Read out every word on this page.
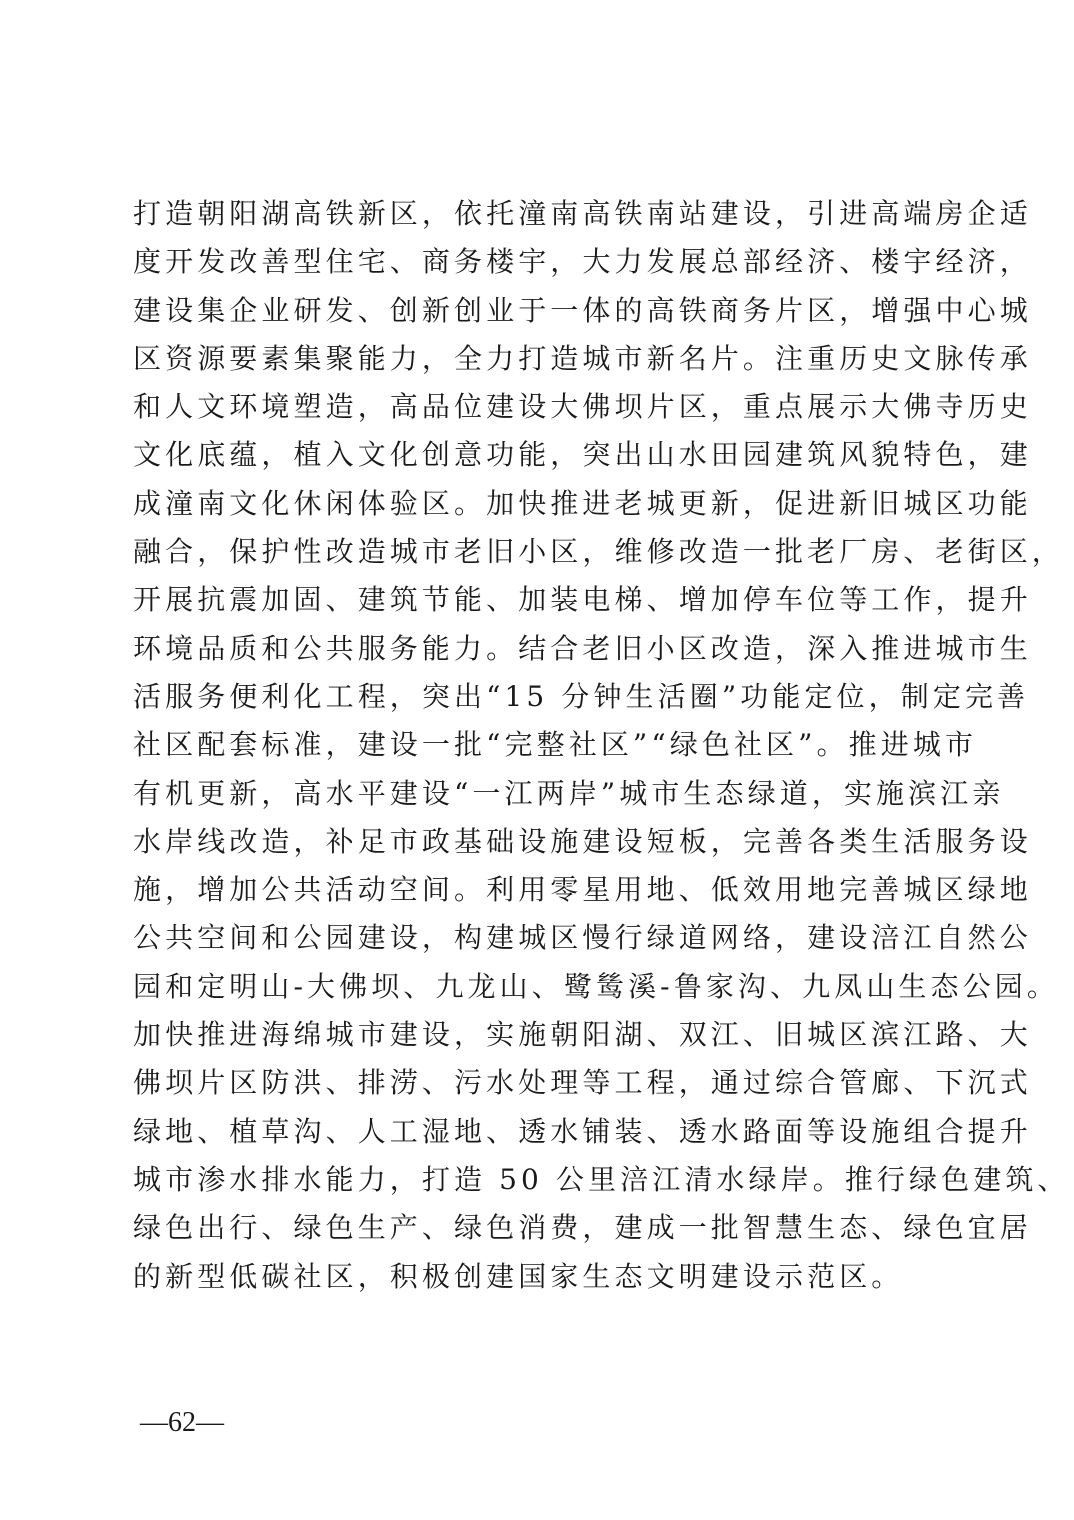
打造朝阳湖高铁新区，依托潼南高铁南站建设，引进高端房企适
度开发改善型住宅、商务楼宇，大力发展总部经济、楼宇经济，
建设集企业研发、创新创业于一体的高铁商务片区，增强中心城
区资源要素集聚能力，全力打造城市新名片。注重历史文脉传承
和人文环境塑造，高品位建设大佛坝片区，重点展示大佛寺历史
文化底蕴，植入文化创意功能，突出山水田园建筑风貌特色，建
成潼南文化休闲体验区。加快推进老城更新，促进新旧城区功能
融合，保护性改造城市老旧小区，维修改造一批老厂房、老街区，
开展抗震加固、建筑节能、加装电梯、增加停车位等工作，提升
环境品质和公共服务能力。结合老旧小区改造，深入推进城市生
活服务便利化工程，突出“15 分钟生活圈”功能定位，制定完善
社区配套标准，建设一批“完整社区”“绿色社区”。推进城市
有机更新，高水平建设“一江两岸”城市生态绿道，实施滨江亲
水岸线改造，补足市政基础设施建设短板，完善各类生活服务设
施，增加公共活动空间。利用零星用地、低效用地完善城区绿地
公共空间和公园建设，构建城区慢行绿道网络，建设涪江自然公
园和定明山-大佛坝、九龙山、鹭鸶溪-鲁家沟、九凤山生态公园。
加快推进海绵城市建设，实施朝阳湖、双江、旧城区滨江路、大
佛坝片区防洪、排涝、污水处理等工程，通过综合管廊、下沉式
绿地、植草沟、人工湿地、透水铺装、透水路面等设施组合提升
城市渗水排水能力，打造 50 公里涪江清水绿岸。推行绿色建筑、
绿色出行、绿色生产、绿色消费，建成一批智慧生态、绿色宜居
的新型低碳社区，积极创建国家生态文明建设示范区。
—62—
